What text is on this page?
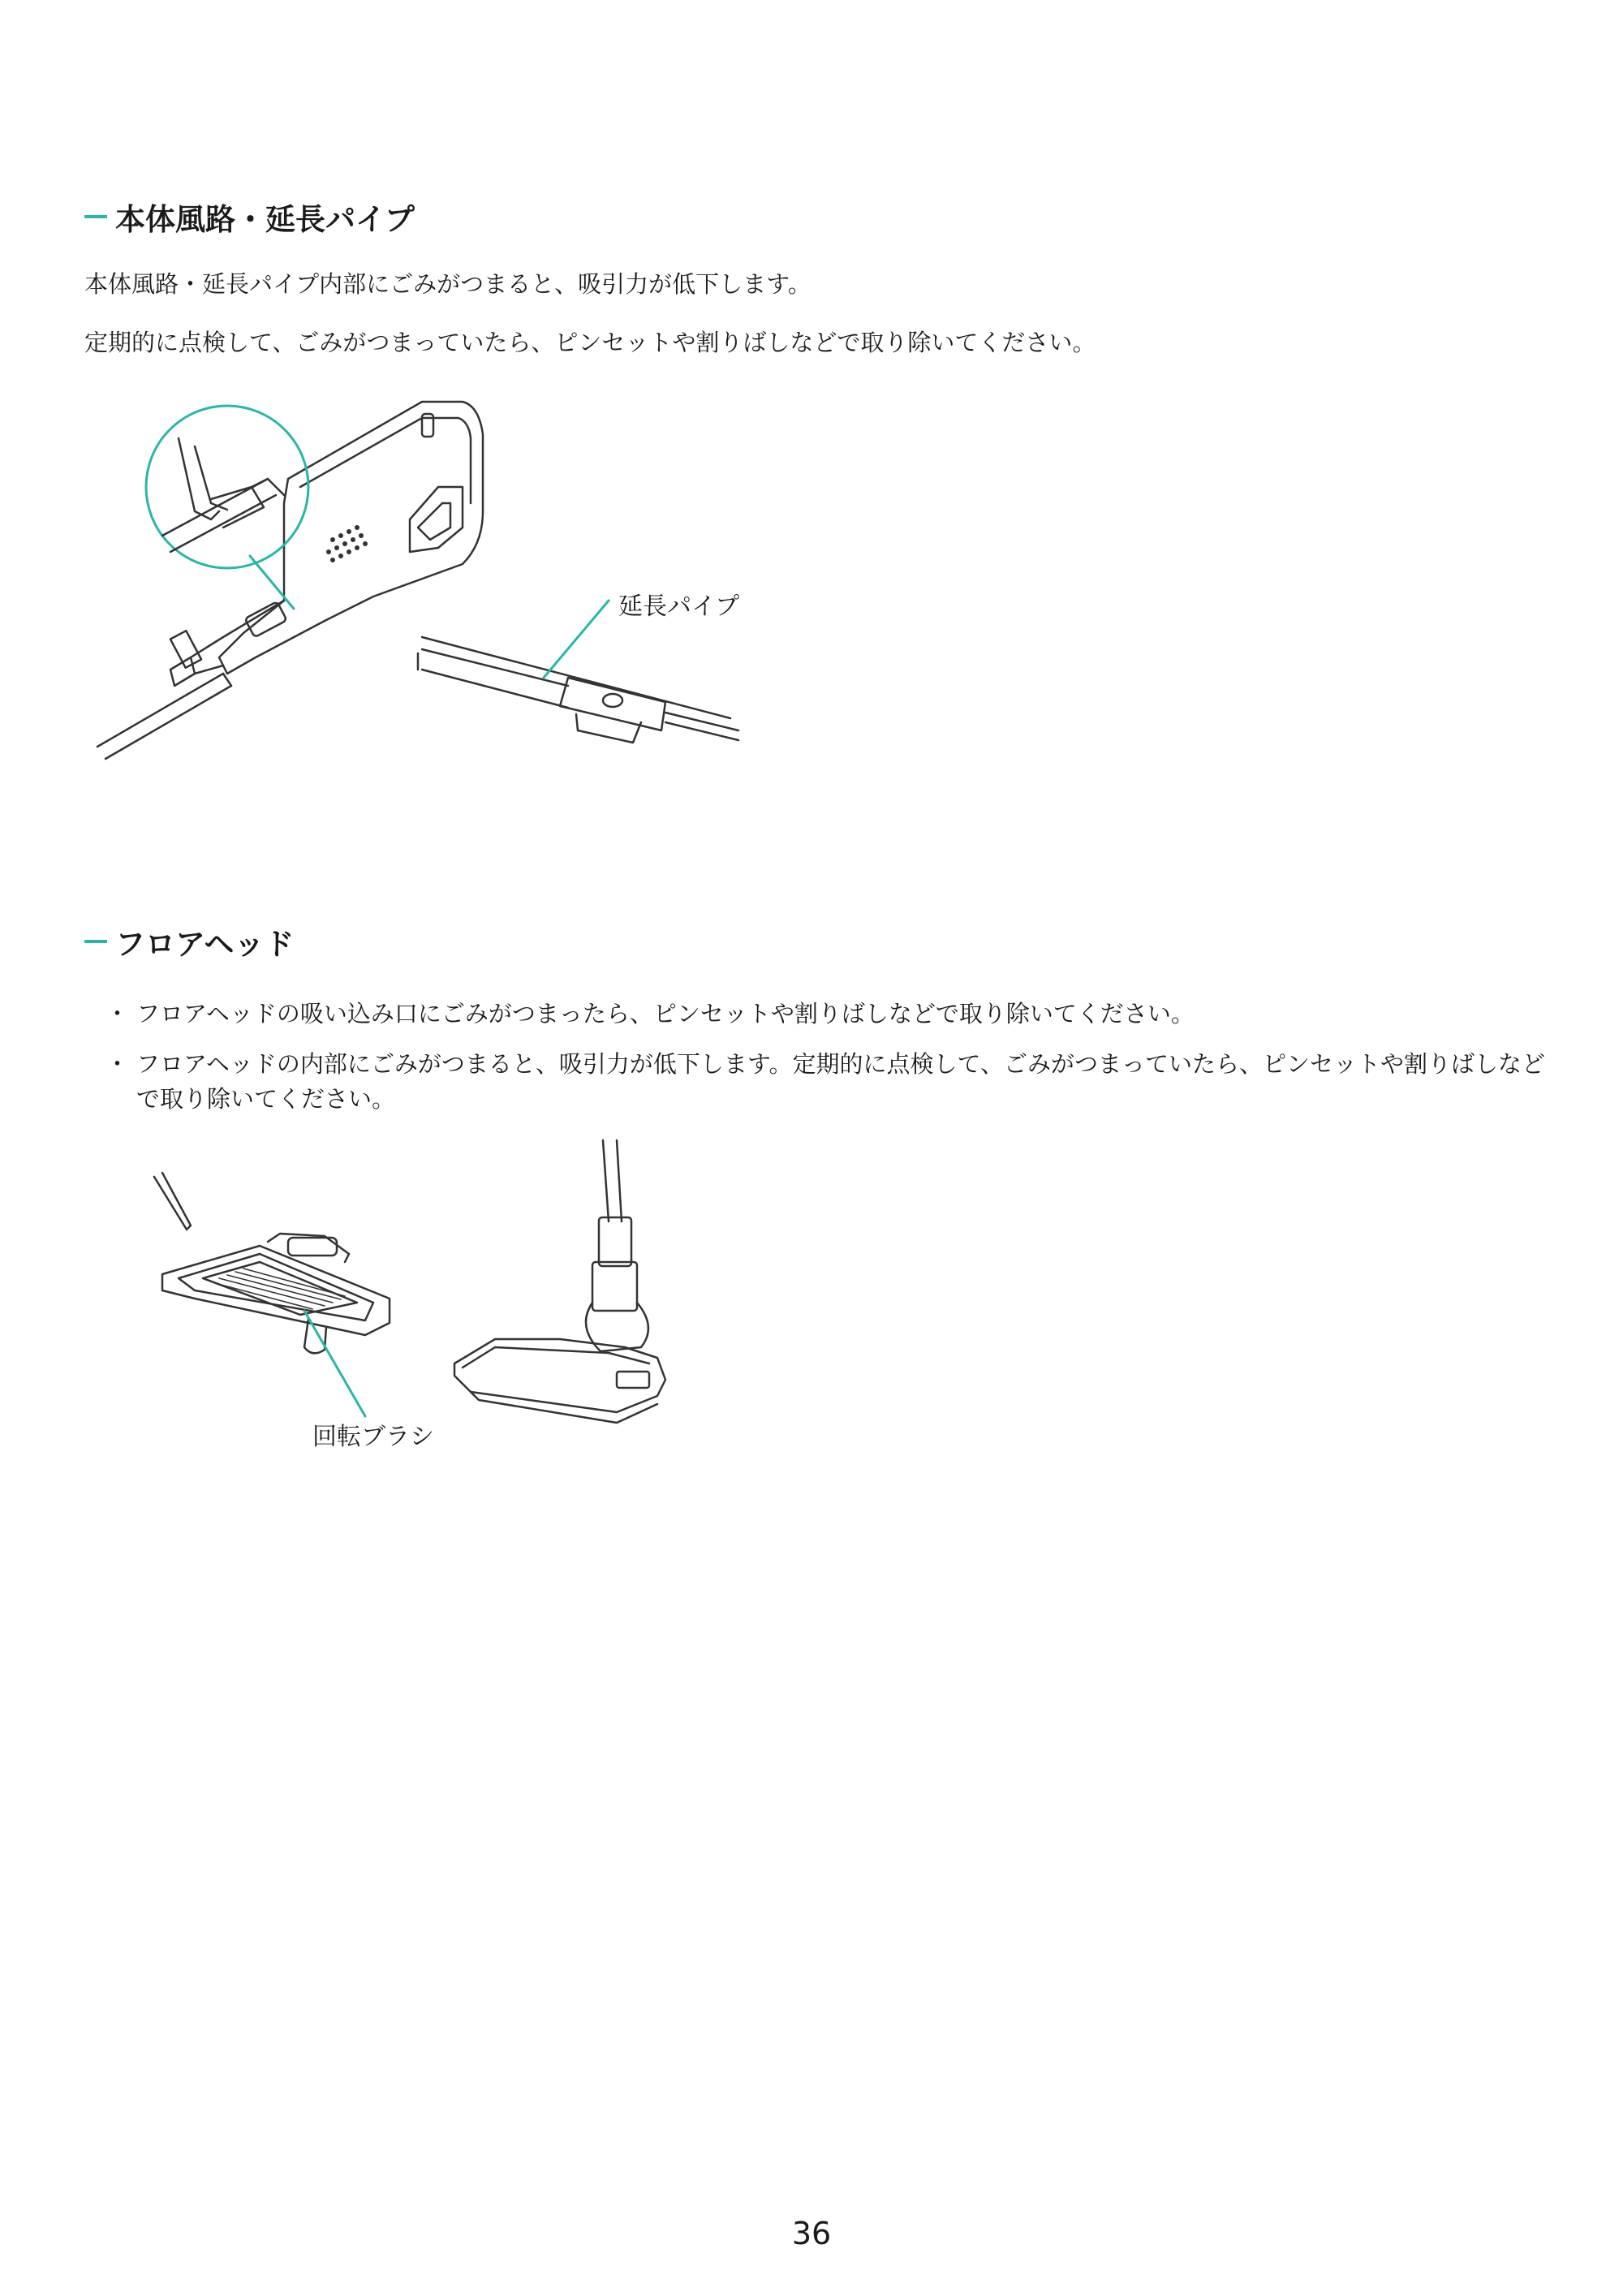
本体風路・延長パイプ
本体風路・延長パイプ内部にごみがつまると、吸引力が低下します。
定期的に点検して、ごみがつまっていたら、ピンセットや割りばしなどで取り除いてください。
延長パイプ
フロアヘッド
・ フロアヘッドの吸い込み口にごみがつまったら、ピンセットや割りばしなどで取り除いてください。
・ フロアヘッドの内部にごみがつまると、吸引力が低下します。定期的に点検して、ごみがつまっていたら、ピンセットや割りばしなどで取り除いてください。
回転ブラシ
36
